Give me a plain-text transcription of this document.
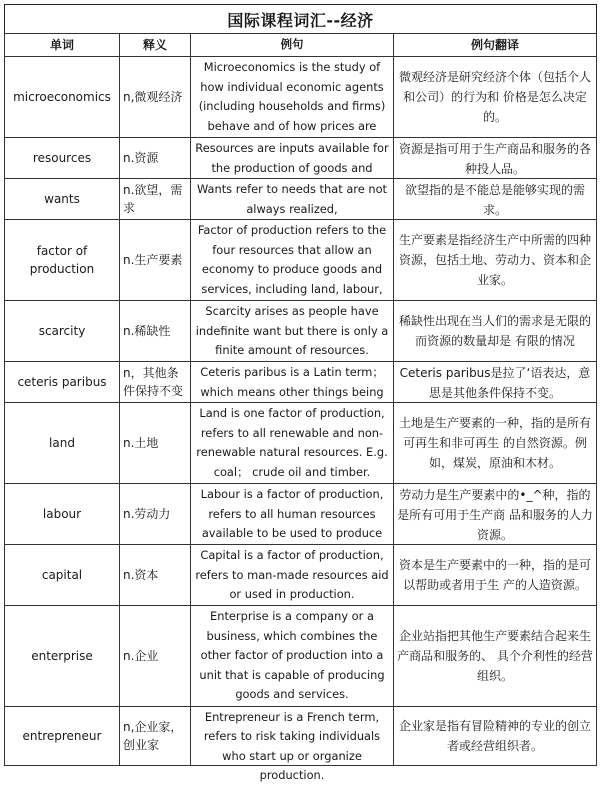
国际课程词汇--经济
单词	释义	例句	例句翻译

microeconomics	n,微观经济	Microeconomics is the study of how individual economic agents (including households and firms) behave and of how prices are	微观经济是研究经济个体（包括个人和公司）的行为和 价格是怎么决定的。

resources	n.资源	Resources are inputs available for the production of goods and	资源是指可用于生产商品和服务的各种投人品。

wants	n.欲望，需求	Wants refer to needs that are not always realized,	欲望指的是不能总是能够实现的需求。

factor of production	n.生产要素	Factor of production refers to the four resources that allow an economy to produce goods and services, including land, labour,	生产要素是指经济生产中所需的四种资源，包括土地、劳动力、资本和企业家。

scarcity	n.稀缺性	Scarcity arises as people have indefinite want but there is only a finite amount of resources.	稀缺性出现在当人们的需求是无限的而资源的数量却是 有限的情况

ceteris paribus	n，其他条件保持不变	Ceteris paribus is a Latin term；which means other things being	Ceteris paribus是拉了‘语表达，意思是其他条件保持不变。

land	n.土地	Land is one factor of production, refers to all renewable and non-renewable natural resources. E.g. coal； crude oil and timber.	土地是生产要素的一种，指的是所有可再生和非可再生 的自然资源。例如，煤炭，原油和木材。

labour	n.劳动力	Labour is a factor of production, refers to all human resources available to be used to produce	劳动力是生产要素中的•_^种，指的是所有可用于生产商 品和服务的人力资源。

capital	n.资本	Capital is a factor of production, refers to man-made resources aid or used in production.	资本是生产要素中的一种，指的是可以帮助或者用于生 产的人造资源。

enterprise	n.企业	Enterprise is a company or a business, which combines the other factor of production into a unit that is capable of producing goods and services.	企业站指把其他生产要素结合起来生产商品和服务的、 具个介利性的经营组织。

entrepreneur	n,企业家，创业家	Entrepreneur is a French term, refers to risk taking individuals who start up or organize production.	企业家是指有冒险精神的专业的创立者或经营组织者。
